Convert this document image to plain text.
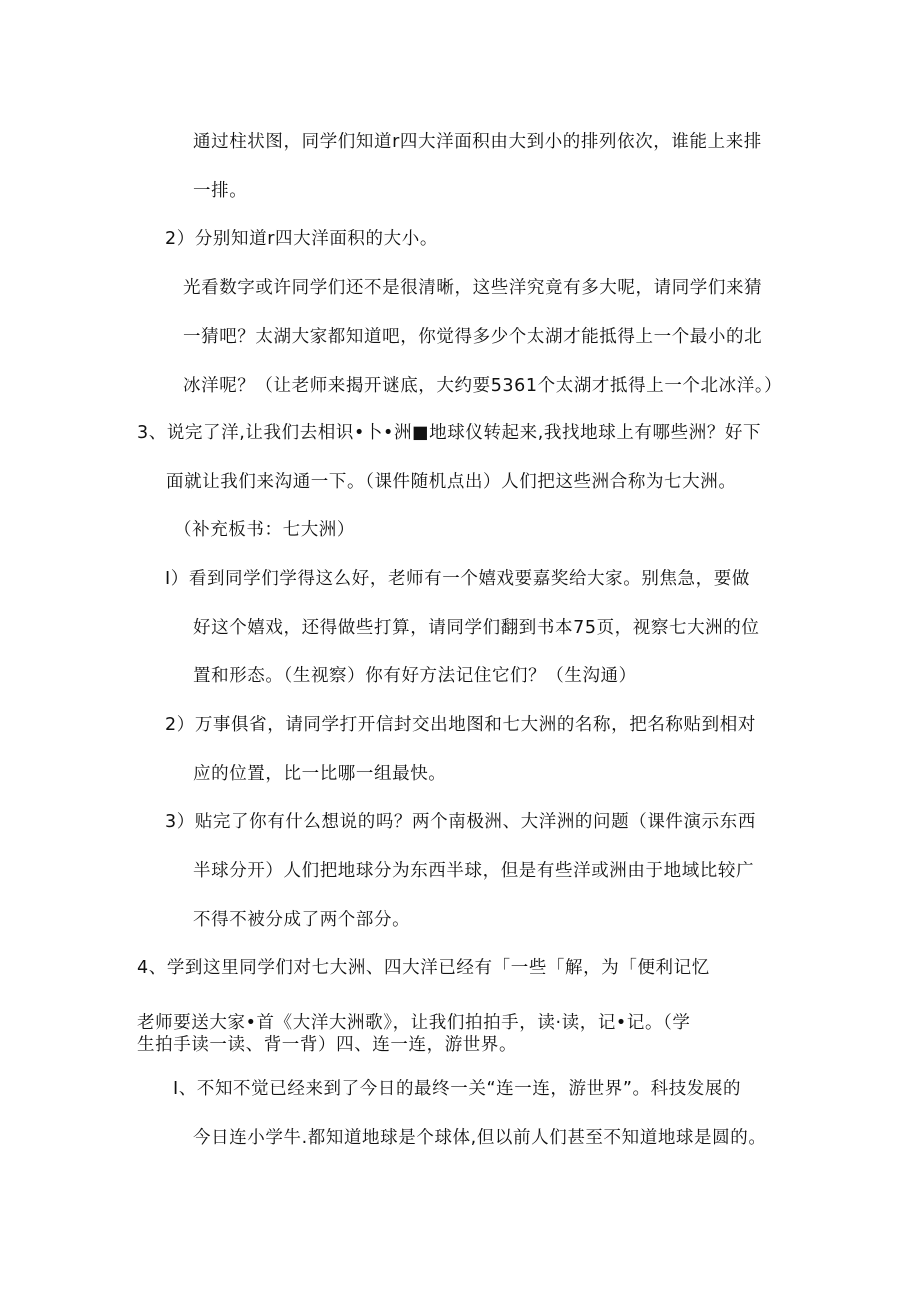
通过柱状图，同学们知道r四大洋面积由大到小的排列依次，谁能上来排
一排。
2）分别知道r四大洋面积的大小。
光看数字或许同学们还不是很清晰，这些洋究竟有多大呢，请同学们来猜
一猜吧？太湖大家都知道吧，你觉得多少个太湖才能抵得上一个最小的北
冰洋呢？（让老师来揭开谜底，大约要5361个太湖才抵得上一个北冰洋。）
3、说完了洋,让我们去相识•卜•洲■地球仪转起来,我找地球上有哪些洲？好下
面就让我们来沟通一下。（课件随机点出）人们把这些洲合称为七大洲。
（补充板书：七大洲）
I）看到同学们学得这么好，老师有一个嬉戏要嘉奖给大家。别焦急，要做
好这个嬉戏，还得做些打算，请同学们翻到书本75页，视察七大洲的位
置和形态。（生视察）你有好方法记住它们？（生沟通）
2）万事俱省，请同学打开信封交出地图和七大洲的名称，把名称贴到相对
应的位置，比一比哪一组最快。
3）贴完了你有什么想说的吗？两个南极洲、大洋洲的问题（课件演示东西
半球分开）人们把地球分为东西半球，但是有些洋或洲由于地域比较广
不得不被分成了两个部分。
4、学到这里同学们对七大洲、四大洋已经有「一些「解，为「便利记忆
老师要送大家•首《大洋大洲歌》，让我们拍拍手，读·读，记•记。（学
生拍手读一读、背一背）四、连一连，游世界。
I、不知不觉已经来到了今日的最终一关“连一连，游世界”。科技发展的
今日连小学牛.都知道地球是个球体,但以前人们甚至不知道地球是圆的。
